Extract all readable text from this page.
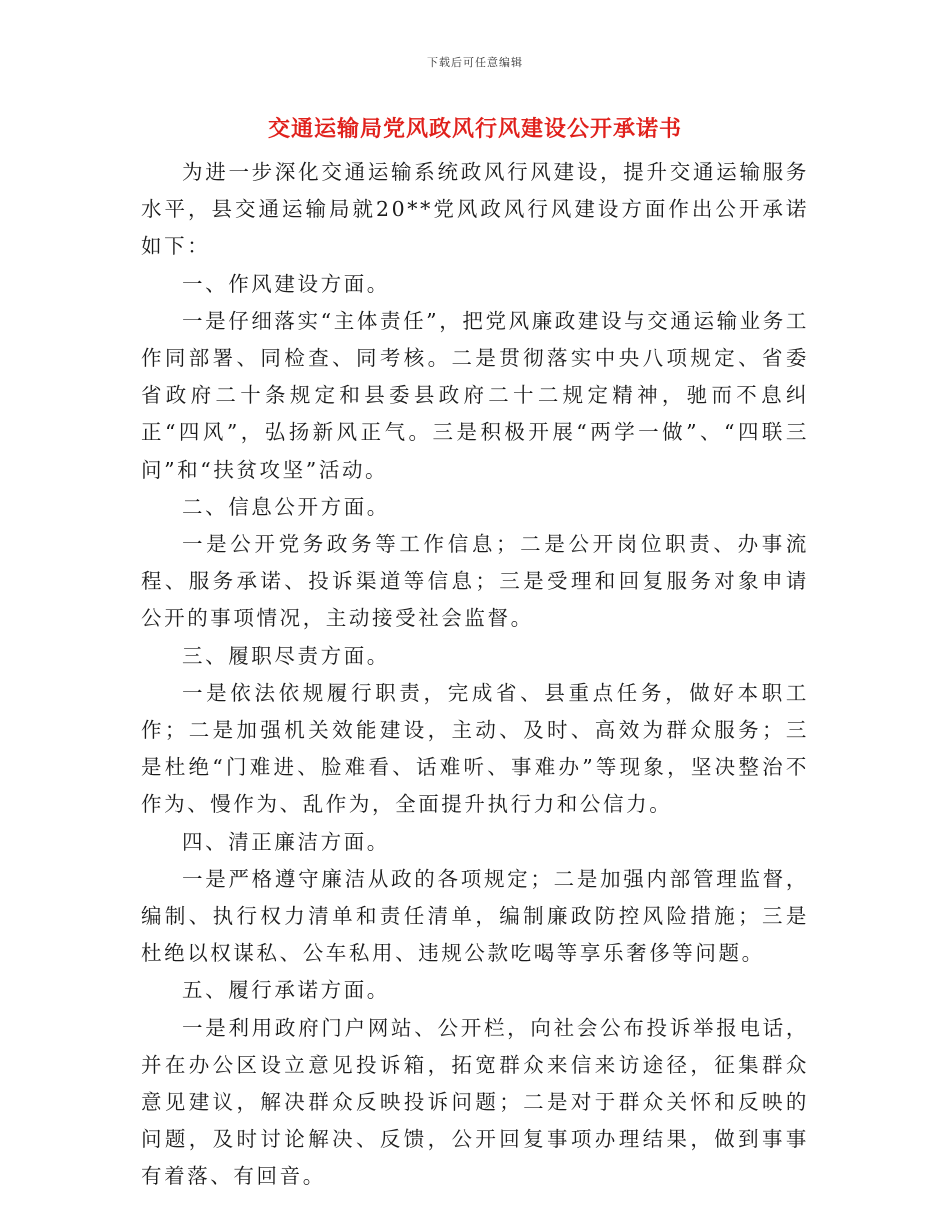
下载后可任意编辑
交通运输局党风政风行风建设公开承诺书

为进一步深化交通运输系统政风行风建设，提升交通运输服务水平，县交通运输局就20**党风政风行风建设方面作出公开承诺如下：

一、作风建设方面。

一是仔细落实“主体责任”，把党风廉政建设与交通运输业务工作同部署、同检查、同考核。二是贯彻落实中央八项规定、省委省政府二十条规定和县委县政府二十二规定精神，驰而不息纠正“四风”，弘扬新风正气。三是积极开展“两学一做”、“四联三问”和“扶贫攻坚”活动。

二、信息公开方面。

一是公开党务政务等工作信息；二是公开岗位职责、办事流程、服务承诺、投诉渠道等信息；三是受理和回复服务对象申请公开的事项情况，主动接受社会监督。

三、履职尽责方面。

一是依法依规履行职责，完成省、县重点任务，做好本职工作；二是加强机关效能建设，主动、及时、高效为群众服务；三是杜绝“门难进、脸难看、话难听、事难办”等现象，坚决整治不作为、慢作为、乱作为，全面提升执行力和公信力。

四、清正廉洁方面。

一是严格遵守廉洁从政的各项规定；二是加强内部管理监督，编制、执行权力清单和责任清单，编制廉政防控风险措施；三是杜绝以权谋私、公车私用、违规公款吃喝等享乐奢侈等问题。

五、履行承诺方面。

一是利用政府门户网站、公开栏，向社会公布投诉举报电话，并在办公区设立意见投诉箱，拓宽群众来信来访途径，征集群众意见建议，解决群众反映投诉问题；二是对于群众关怀和反映的问题，及时讨论解决、反馈，公开回复事项办理结果，做到事事有着落、有回音。
